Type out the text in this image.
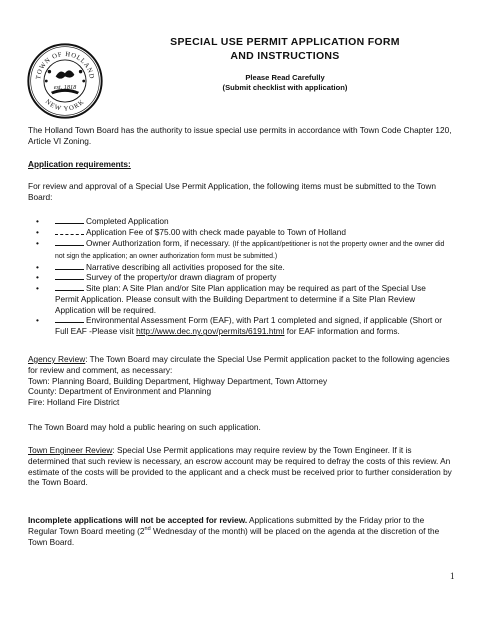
TOWN OF HOLLAND
NEW YORK
est. 1818
SPECIAL USE PERMIT APPLICATION FORM
AND INSTRUCTIONS
Please Read Carefully
(Submit checklist with application)
The Holland Town Board has the authority to issue special use permits in accordance with Town Code Chapter 120, Article VI Zoning.
Application requirements:
For review and approval of a Special Use Permit Application, the following items must be submitted to the Town Board:
•	Completed Application
•	Application Fee of $75.00 with check made payable to Town of Holland
•	Owner Authorization form, if necessary. (If the applicant/petitioner is not the property owner and the owner did not sign the application; an owner authorization form must be submitted.)
•	Narrative describing all activities proposed for the site.
•	Survey of the property/or drawn diagram of property
•	Site plan: A Site Plan and/or Site Plan application may be required as part of the Special Use Permit Application. Please consult with the Building Department to determine if a Site Plan Review Application will be required.
•	Environmental Assessment Form (EAF), with Part 1 completed and signed, if applicable (Short or Full EAF -Please visit http://www.dec.ny.gov/permits/6191.html for EAF information and forms.
Agency Review: The Town Board may circulate the Special Use Permit application packet to the following agencies for review and comment, as necessary:
Town: Planning Board, Building Department, Highway Department, Town Attorney
County: Department of Environment and Planning
Fire: Holland Fire District
The Town Board may hold a public hearing on such application.
Town Engineer Review: Special Use Permit applications may require review by the Town Engineer. If it is determined that such review is necessary, an escrow account may be required to defray the costs of this review. An estimate of the costs will be provided to the applicant and a check must be received prior to further consideration by the Town Board.
Incomplete applications will not be accepted for review. Applications submitted by the Friday prior to the Regular Town Board meeting (2nd Wednesday of the month) will be placed on the agenda at the discretion of the Town Board.
1
